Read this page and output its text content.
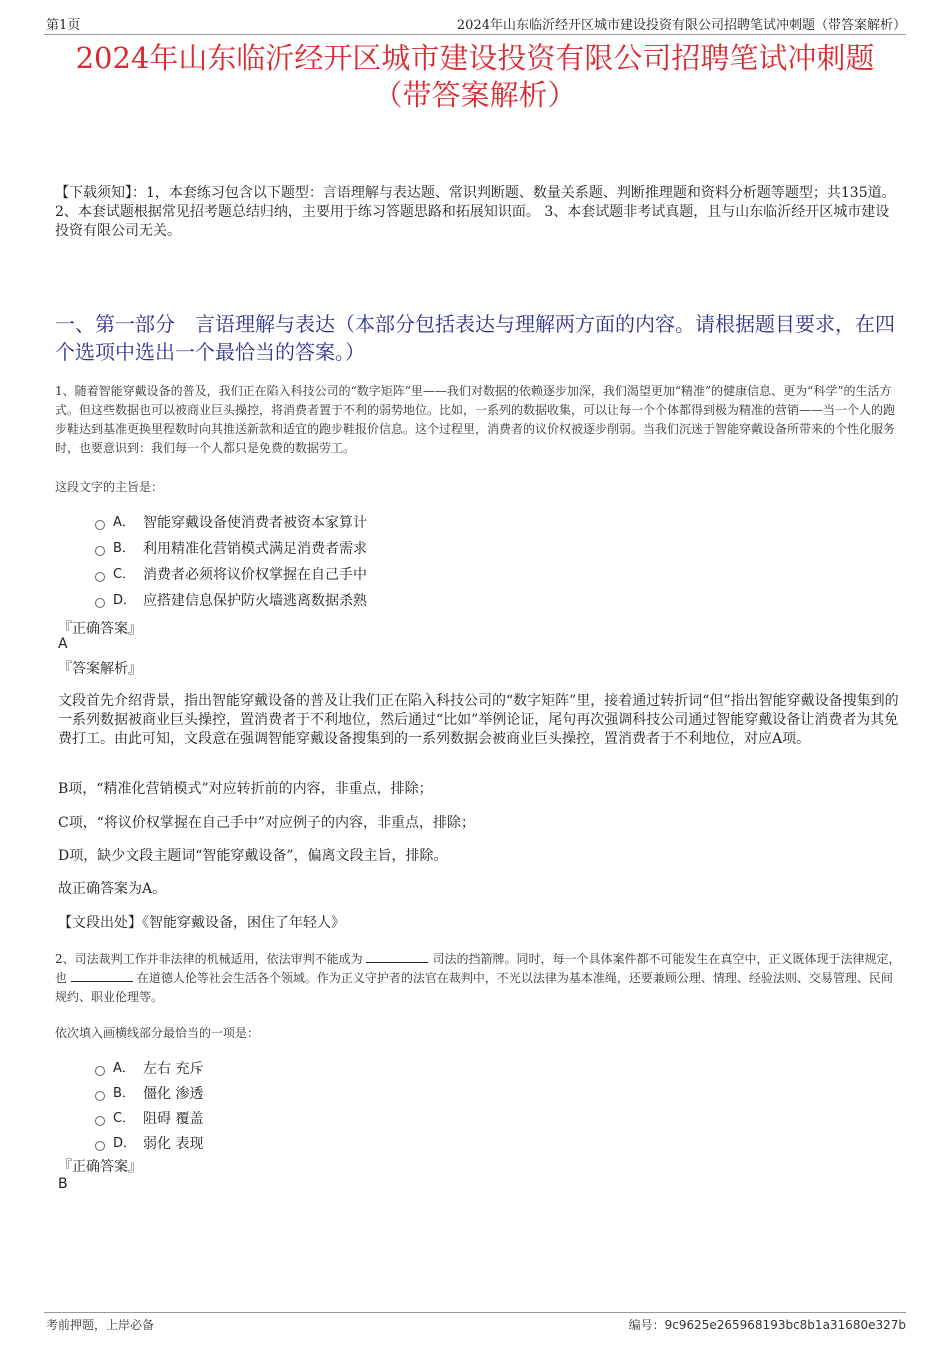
第1页	2024年山东临沂经开区城市建设投资有限公司招聘笔试冲刺题（带答案解析）
2024年山东临沂经开区城市建设投资有限公司招聘笔试冲刺题
（带答案解析）
【下载须知】：1，本套练习包含以下题型：言语理解与表达题、常识判断题、数量关系题、判断推理题和资料分析题等题型；共135道。 2、本套试题根据常见招考题总结归纳，主要用于练习答题思路和拓展知识面。 3、本套试题非考试真题，且与山东临沂经开区城市建设投资有限公司无关。
一、第一部分　言语理解与表达（本部分包括表达与理解两方面的内容。请根据题目要求，在四个选项中选出一个最恰当的答案。）
1、随着智能穿戴设备的普及，我们正在陷入科技公司的“数字矩阵”里——我们对数据的依赖逐步加深，我们渴望更加“精准”的健康信息、更为“科学”的生活方式。但这些数据也可以被商业巨头操控，将消费者置于不利的弱势地位。比如，一系列的数据收集，可以让每一个个体都得到极为精准的营销——当一个人的跑步鞋达到基准更换里程数时向其推送新款和适宜的跑步鞋报价信息。这个过程里，消费者的议价权被逐步削弱。当我们沉迷于智能穿戴设备所带来的个性化服务时，也要意识到：我们每一个人都只是免费的数据劳工。
这段文字的主旨是：
A． 智能穿戴设备使消费者被资本家算计
B． 利用精准化营销模式满足消费者需求
C． 消费者必须将议价权掌握在自己手中
D． 应搭建信息保护防火墙逃离数据杀熟
『正确答案』
A
『答案解析』
文段首先介绍背景，指出智能穿戴设备的普及让我们正在陷入科技公司的“数字矩阵”里，接着通过转折词“但”指出智能穿戴设备搜集到的一系列数据被商业巨头操控，置消费者于不利地位，然后通过“比如”举例论证，尾句再次强调科技公司通过智能穿戴设备让消费者为其免费打工。由此可知，文段意在强调智能穿戴设备搜集到的一系列数据会被商业巨头操控，置消费者于不利地位，对应A项。
B项，“精准化营销模式”对应转折前的内容，非重点，排除；
C项，“将议价权掌握在自己手中”对应例子的内容，非重点，排除；
D项，缺少文段主题词“智能穿戴设备”，偏离文段主旨，排除。
故正确答案为A。
【文段出处】《智能穿戴设备，困住了年轻人》
2、司法裁判工作并非法律的机械适用，依法审判不能成为	司法的挡箭牌。同时，每一个具体案件都不可能发生在真空中，正义既体现于法律规定，也	在道德人伦等社会生活各个领域。作为正义守护者的法官在裁判中，不光以法律为基本准绳，还要兼顾公理、情理、经验法则、交易管理、民间规约、职业伦理等。
依次填入画横线部分最恰当的一项是：
A． 左右 充斥
B． 僵化 渗透
C． 阻碍 覆盖
D． 弱化 表现
『正确答案』
B
考前押题，上岸必备	编号：9c9625e265968193bc8b1a31680e327b
